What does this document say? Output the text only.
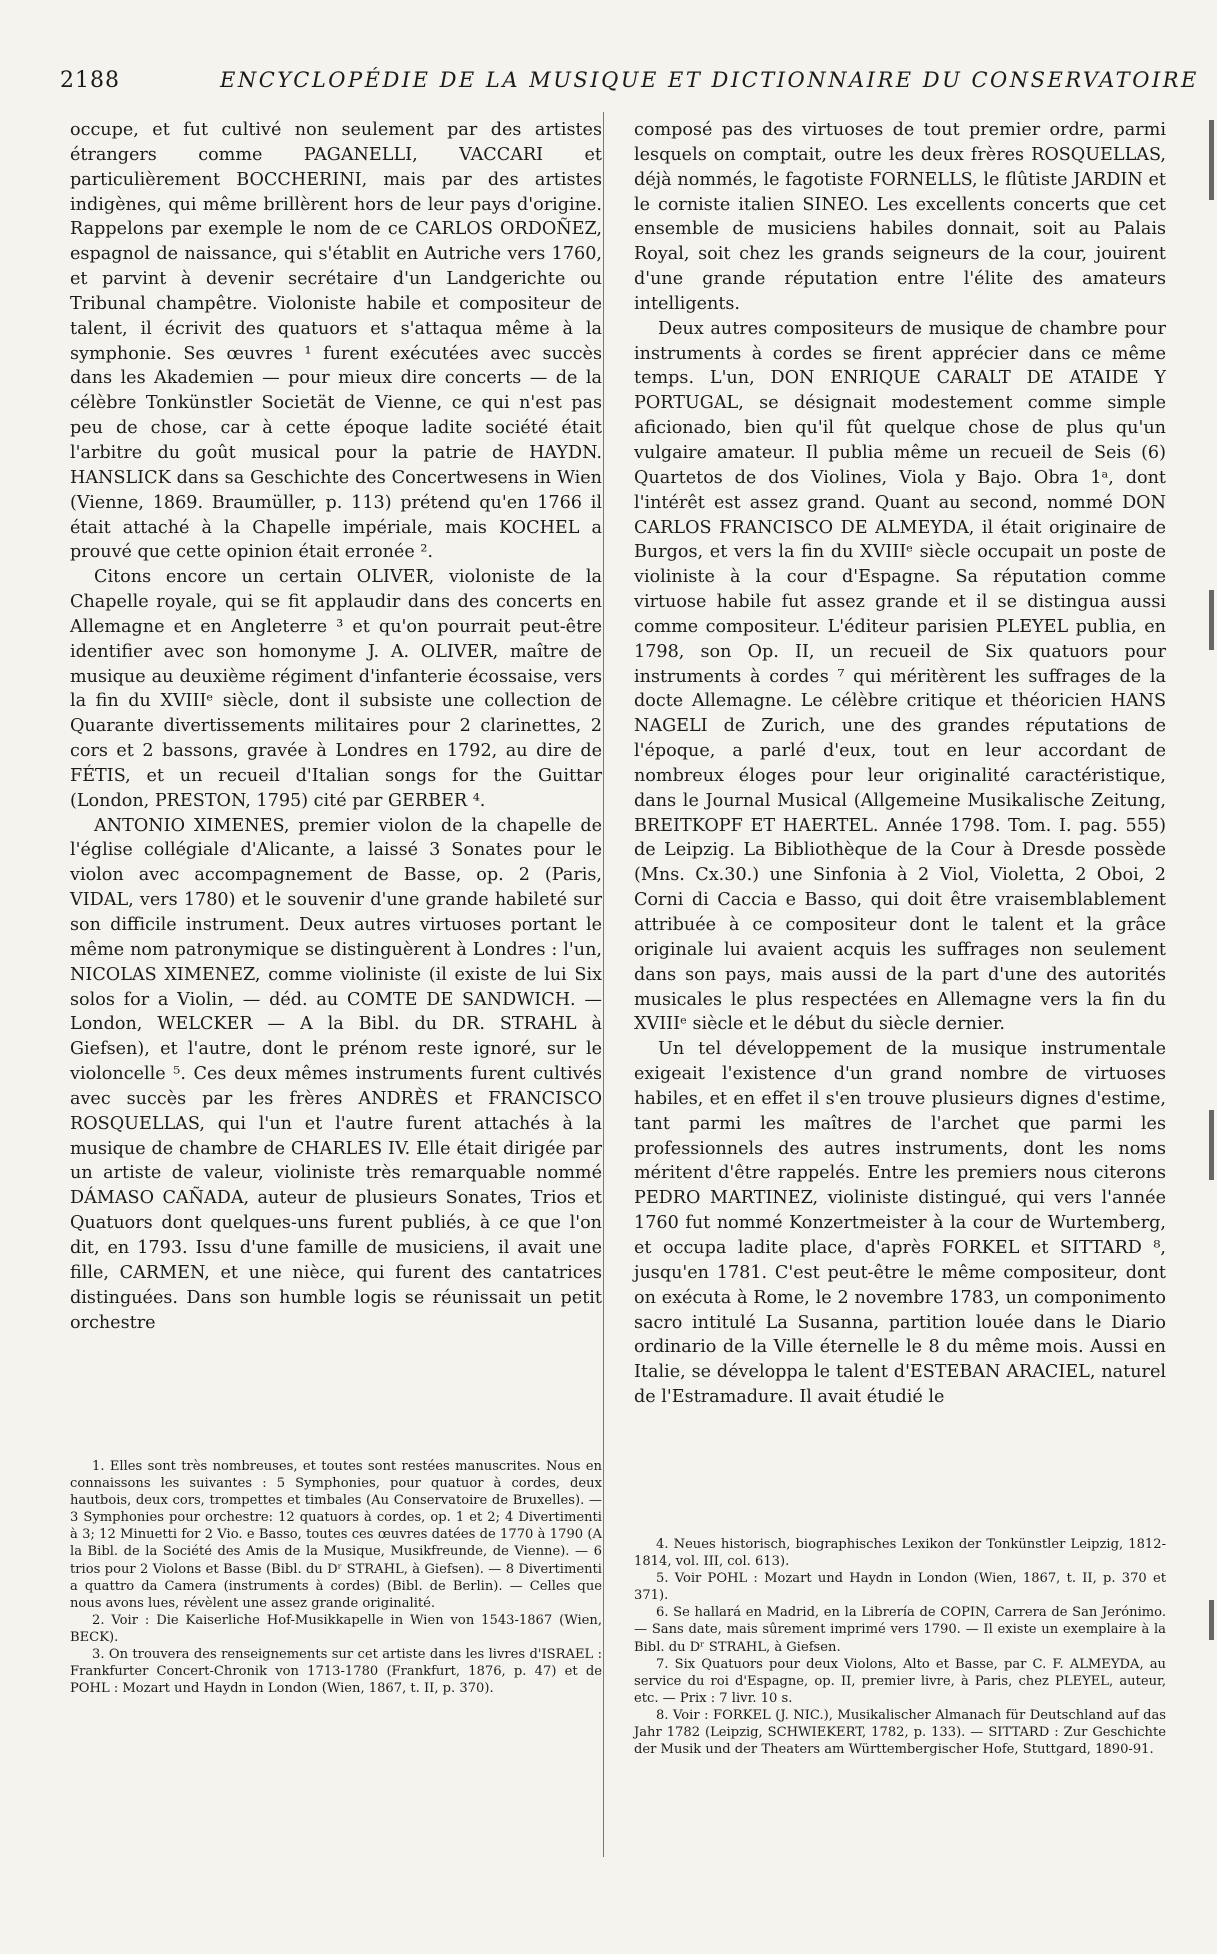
2188	ENCYCLOPÉDIE DE LA MUSIQUE ET DICTIONNAIRE DU CONSERVATOIRE

occupe, et fut cultivé non seulement par des artistes étrangers comme PAGANELLI, VACCARI et particulièrement BOCCHERINI, mais par des artistes indigènes, qui même brillèrent hors de leur pays d'origine. Rappelons par exemple le nom de ce CARLOS ORDOÑEZ, espagnol de naissance, qui s'établit en Autriche vers 1760, et parvint à devenir secrétaire d'un Landgerichte ou Tribunal champêtre. Violoniste habile et compositeur de talent, il écrivit des quatuors et s'attaqua même à la symphonie. Ses œuvres ¹ furent exécutées avec succès dans les Akademien — pour mieux dire concerts — de la célèbre Tonkünstler Societät de Vienne, ce qui n'est pas peu de chose, car à cette époque ladite société était l'arbitre du goût musical pour la patrie de HAYDN. HANSLICK dans sa Geschichte des Concertwesens in Wien (Vienne, 1869. Braumüller, p. 113) prétend qu'en 1766 il était attaché à la Chapelle impériale, mais KOCHEL a prouvé que cette opinion était erronée ².

Citons encore un certain OLIVER, violoniste de la Chapelle royale, qui se fit applaudir dans des concerts en Allemagne et en Angleterre ³ et qu'on pourrait peut-être identifier avec son homonyme J. A. OLIVER, maître de musique au deuxième régiment d'infanterie écossaise, vers la fin du XVIIIᵉ siècle, dont il subsiste une collection de Quarante divertissements militaires pour 2 clarinettes, 2 cors et 2 bassons, gravée à Londres en 1792, au dire de FÉTIS, et un recueil d'Italian songs for the Guittar (London, PRESTON, 1795) cité par GERBER ⁴.

ANTONIO XIMENES, premier violon de la chapelle de l'église collégiale d'Alicante, a laissé 3 Sonates pour le violon avec accompagnement de Basse, op. 2 (Paris, VIDAL, vers 1780) et le souvenir d'une grande habileté sur son difficile instrument. Deux autres virtuoses portant le même nom patronymique se distinguèrent à Londres : l'un, NICOLAS XIMENEZ, comme violiniste (il existe de lui Six solos for a Violin, — déd. au COMTE DE SANDWICH. — London, WELCKER — A la Bibl. du DR. STRAHL à Giefsen), et l'autre, dont le prénom reste ignoré, sur le violoncelle ⁵. Ces deux mêmes instruments furent cultivés avec succès par les frères ANDRÈS et FRANCISCO ROSQUELLAS, qui l'un et l'autre furent attachés à la musique de chambre de CHARLES IV. Elle était dirigée par un artiste de valeur, violiniste très remarquable nommé DÁMASO CAÑADA, auteur de plusieurs Sonates, Trios et Quatuors dont quelques-uns furent publiés, à ce que l'on dit, en 1793. Issu d'une famille de musiciens, il avait une fille, CARMEN, et une nièce, qui furent des cantatrices distinguées. Dans son humble logis se réunissait un petit orchestre

composé pas des virtuoses de tout premier ordre, parmi lesquels on comptait, outre les deux frères ROSQUELLAS, déjà nommés, le fagotiste FORNELLS, le flûtiste JARDIN et le corniste italien SINEO. Les excellents concerts que cet ensemble de musiciens habiles donnait, soit au Palais Royal, soit chez les grands seigneurs de la cour, jouirent d'une grande réputation entre l'élite des amateurs intelligents.

Deux autres compositeurs de musique de chambre pour instruments à cordes se firent apprécier dans ce même temps. L'un, DON ENRIQUE CARALT DE ATAIDE Y PORTUGAL, se désignait modestement comme simple aficionado, bien qu'il fût quelque chose de plus qu'un vulgaire amateur. Il publia même un recueil de Seis (6) Quartetos de dos Violines, Viola y Bajo. Obra 1ᵃ, dont l'intérêt est assez grand. Quant au second, nommé DON CARLOS FRANCISCO DE ALMEYDA, il était originaire de Burgos, et vers la fin du XVIIIᵉ siècle occupait un poste de violiniste à la cour d'Espagne. Sa réputation comme virtuose habile fut assez grande et il se distingua aussi comme compositeur. L'éditeur parisien PLEYEL publia, en 1798, son Op. II, un recueil de Six quatuors pour instruments à cordes ⁷ qui méritèrent les suffrages de la docte Allemagne. Le célèbre critique et théoricien HANS NAGELI de Zurich, une des grandes réputations de l'époque, a parlé d'eux, tout en leur accordant de nombreux éloges pour leur originalité caractéristique, dans le Journal Musical (Allgemeine Musikalische Zeitung, BREITKOPF ET HAERTEL. Année 1798. Tom. I. pag. 555) de Leipzig. La Bibliothèque de la Cour à Dresde possède (Mns. Cx.30.) une Sinfonia à 2 Viol, Violetta, 2 Oboi, 2 Corni di Caccia e Basso, qui doit être vraisemblablement attribuée à ce compositeur dont le talent et la grâce originale lui avaient acquis les suffrages non seulement dans son pays, mais aussi de la part d'une des autorités musicales le plus respectées en Allemagne vers la fin du XVIIIᵉ siècle et le début du siècle dernier.

Un tel développement de la musique instrumentale exigeait l'existence d'un grand nombre de virtuoses habiles, et en effet il s'en trouve plusieurs dignes d'estime, tant parmi les maîtres de l'archet que parmi les professionnels des autres instruments, dont les noms méritent d'être rappelés. Entre les premiers nous citerons PEDRO MARTINEZ, violiniste distingué, qui vers l'année 1760 fut nommé Konzertmeister à la cour de Wurtemberg, et occupa ladite place, d'après FORKEL et SITTARD ⁸, jusqu'en 1781. C'est peut-être le même compositeur, dont on exécuta à Rome, le 2 novembre 1783, un componimento sacro intitulé La Susanna, partition louée dans le Diario ordinario de la Ville éternelle le 8 du même mois. Aussi en Italie, se développa le talent d'ESTEBAN ARACIEL, naturel de l'Estramadure. Il avait étudié le

1. Elles sont très nombreuses, et toutes sont restées manuscrites. Nous en connaissons les suivantes : 5 Symphonies, pour quatuor à cordes, deux hautbois, deux cors, trompettes et timbales (Au Conservatoire de Bruxelles). — 3 Symphonies pour orchestre: 12 quatuors à cordes, op. 1 et 2; 4 Divertimenti à 3; 12 Minuetti for 2 Vio. e Basso, toutes ces œuvres datées de 1770 à 1790 (A la Bibl. de la Société des Amis de la Musique, Musikfreunde, de Vienne). — 6 trios pour 2 Violons et Basse (Bibl. du Dʳ STRAHL, à Giefsen). — 8 Divertimenti a quattro da Camera (instruments à cordes) (Bibl. de Berlin). — Celles que nous avons lues, révèlent une assez grande originalité.

2. Voir : Die Kaiserliche Hof-Musikkapelle in Wien von 1543-1867 (Wien, BECK).

3. On trouvera des renseignements sur cet artiste dans les livres d'ISRAEL : Frankfurter Concert-Chronik von 1713-1780 (Frankfurt, 1876, p. 47) et de POHL : Mozart und Haydn in London (Wien, 1867, t. II, p. 370).

4. Neues historisch, biographisches Lexikon der Tonkünstler Leipzig, 1812-1814, vol. III, col. 613).

5. Voir POHL : Mozart und Haydn in London (Wien, 1867, t. II, p. 370 et 371).

6. Se hallará en Madrid, en la Librería de COPIN, Carrera de San Jerónimo. — Sans date, mais sûrement imprimé vers 1790. — Il existe un exemplaire à la Bibl. du Dʳ STRAHL, à Giefsen.

7. Six Quatuors pour deux Violons, Alto et Basse, par C. F. ALMEYDA, au service du roi d'Espagne, op. II, premier livre, à Paris, chez PLEYEL, auteur, etc. — Prix : 7 livr. 10 s.

8. Voir : FORKEL (J. NIC.), Musikalischer Almanach für Deutschland auf das Jahr 1782 (Leipzig, SCHWIEKERT, 1782, p. 133). — SITTARD : Zur Geschichte der Musik und der Theaters am Württembergischer Hofe, Stuttgard, 1890-91.
